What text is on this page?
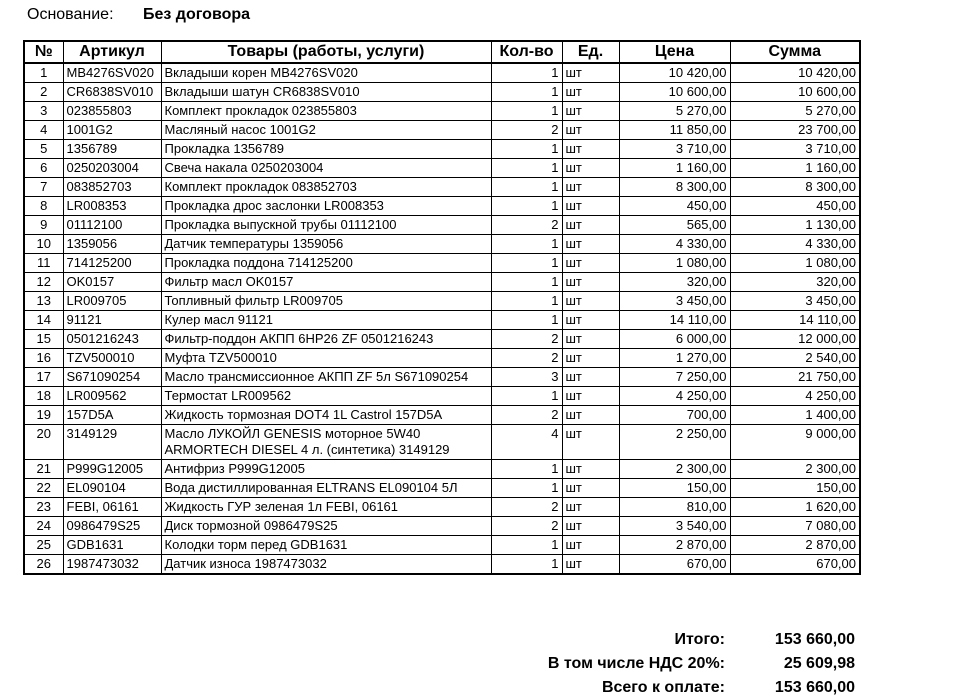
Основание: Без договора
№	Артикул	Товары (работы, услуги)	Кол-во	Ед.	Цена	Сумма
1	MB4276SV020	Вкладыши корен MB4276SV020	1	шт	10 420,00	10 420,00
2	CR6838SV010	Вкладыши шатун CR6838SV010	1	шт	10 600,00	10 600,00
3	023855803	Комплект прокладок 023855803	1	шт	5 270,00	5 270,00
4	1001G2	Масляный насос 1001G2	2	шт	11 850,00	23 700,00
5	1356789	Прокладка 1356789	1	шт	3 710,00	3 710,00
6	0250203004	Свеча накала 0250203004	1	шт	1 160,00	1 160,00
7	083852703	Комплект прокладок 083852703	1	шт	8 300,00	8 300,00
8	LR008353	Прокладка дрос заслонки LR008353	1	шт	450,00	450,00
9	01112100	Прокладка выпускной трубы 01112100	2	шт	565,00	1 130,00
10	1359056	Датчик температуры 1359056	1	шт	4 330,00	4 330,00
11	714125200	Прокладка поддона 714125200	1	шт	1 080,00	1 080,00
12	OK0157	Фильтр масл OK0157	1	шт	320,00	320,00
13	LR009705	Топливный фильтр LR009705	1	шт	3 450,00	3 450,00
14	91121	Кулер масл 91121	1	шт	14 110,00	14 110,00
15	0501216243	Фильтр-поддон АКПП 6HP26 ZF 0501216243	2	шт	6 000,00	12 000,00
16	TZV500010	Муфта TZV500010	2	шт	1 270,00	2 540,00
17	S671090254	Масло трансмиссионное АКПП ZF 5л S671090254	3	шт	7 250,00	21 750,00
18	LR009562	Термостат LR009562	1	шт	4 250,00	4 250,00
19	157D5A	Жидкость тормозная DOT4 1L Castrol 157D5A	2	шт	700,00	1 400,00
20	3149129	Масло ЛУКОЙЛ GENESIS моторное 5W40 ARMORTECH DIESEL 4 л. (синтетика) 3149129	4	шт	2 250,00	9 000,00
21	P999G12005	Антифриз P999G12005	1	шт	2 300,00	2 300,00
22	EL090104	Вода дистиллированная ELTRANS EL090104 5Л	1	шт	150,00	150,00
23	FEBI, 06161	Жидкость ГУР зеленая 1л FEBI, 06161	2	шт	810,00	1 620,00
24	0986479S25	Диск тормозной 0986479S25	2	шт	3 540,00	7 080,00
25	GDB1631	Колодки торм перед GDB1631	1	шт	2 870,00	2 870,00
26	1987473032	Датчик износа 1987473032	1	шт	670,00	670,00
Итого:	153 660,00
В том числе НДС 20%:	25 609,98
Всего к оплате:	153 660,00
